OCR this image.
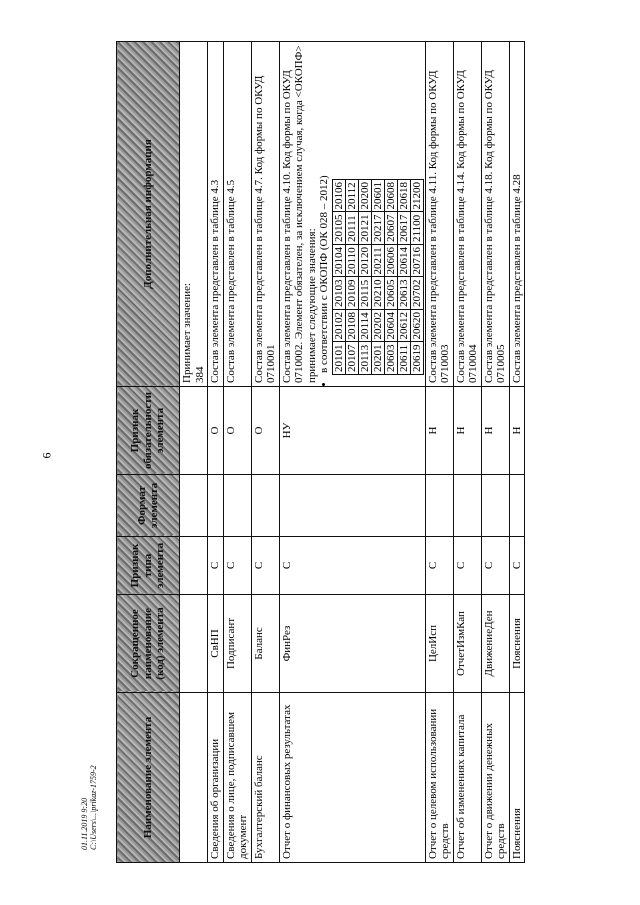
6
01.11.2019 9:20 C:\Users\...\prikaz-1759-2	Наименование элемента	Сокращенное наименование (код) элемента	Признак типа элемента	Формат элемента	Признак обязательности элемента	Дополнительная информация

Принимает значение: 384

Сведения об организации	СвНП	С		О	Состав элемента представлен в таблице 4.3
Сведения о лице, подписавшем документ	Подписант	С		О	Состав элемента представлен в таблице 4.5
Бухгалтерский баланс	Баланс	С		О	Состав элемента представлен в таблице 4.7. Код формы по ОКУД 0710001
Отчет о финансовых результатах	ФинРез	С		НУ	
Состав элемента представлен в таблице 4.10. Код формы по ОКУД 0710002. Элемент обязателен, за исключением случая, когда <ОКОПФ> принимает следующие значения:
• в соответствии с ОКОПФ (ОК 028 – 2012) 20101	20102	20103	20104	20105	20106
20107	20108	20109	20110	20111	20112
20113	20114	20115	20120	20121	20200
20201	20202	20210	20211	20217	20601
20603	20604	20605	20606	20607	20608
20611	20612	20613	20614	20617	20618
20619	20620	20702	20716	21100	21200

Отчет о целевом использовании средств	ЦелИсп	С		Н	Состав элемента представлен в таблице 4.11. Код формы по ОКУД 0710003
Отчет об изменениях капитала	ОтчетИзмКап	С		Н	Состав элемента представлен в таблице 4.14. Код формы по ОКУД 0710004
Отчет о движении денежных средств	ДвижениеДен	С		Н	Состав элемента представлен в таблице 4.18. Код формы по ОКУД 0710005
Пояснения	Пояснения	С		Н	Состав элемента представлен в таблице 4.28
